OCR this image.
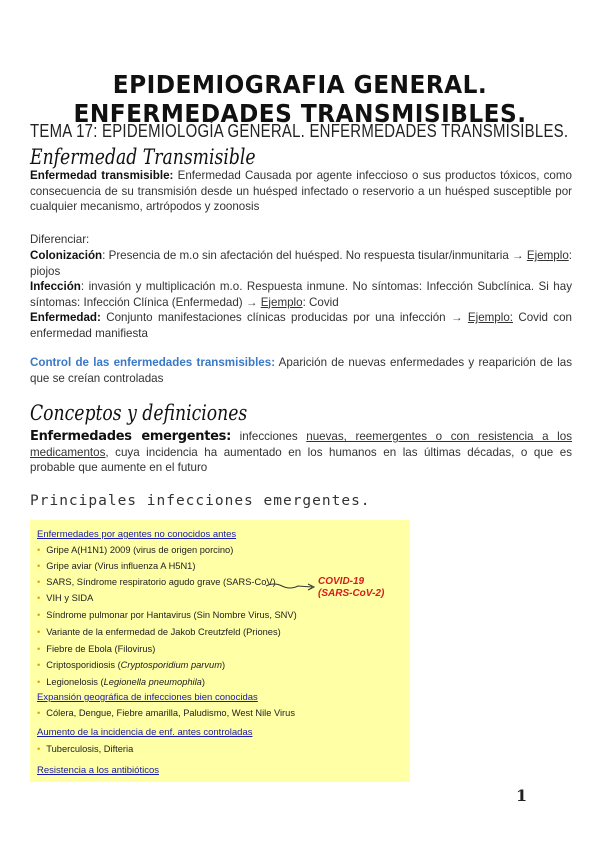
EPIDEMIOGRAFIA GENERAL. ENFERMEDADES TRANSMISIBLES.
TEMA 17: EPIDEMIOLOGÍA GENERAL. ENFERMEDADES TRANSMISIBLES.
Enfermedad Transmisible
Enfermedad transmisible: Enfermedad Causada por agente infeccioso o sus productos tóxicos, como consecuencia de su transmisión desde un huésped infectado o reservorio a un huésped susceptible por cualquier mecanismo, artrópodos y zoonosis
Diferenciar:
Colonización: Presencia de m.o sin afectación del huésped. No respuesta tisular/inmunitaria → Ejemplo: piojos
Infección: invasión y multiplicación m.o. Respuesta inmune. No síntomas: Infección Subclínica. Si hay síntomas: Infección Clínica (Enfermedad) → Ejemplo: Covid
Enfermedad: Conjunto manifestaciones clínicas producidas por una infección → Ejemplo: Covid con enfermedad manifiesta
Control de las enfermedades transmisibles: Aparición de nuevas enfermedades y reaparición de las que se creían controladas
Conceptos y definiciones
Enfermedades emergentes: infecciones nuevas, reemergentes o con resistencia a los medicamentos, cuya incidencia ha aumentado en los humanos en las últimas décadas, o que es probable que aumente en el futuro
Principales infecciones emergentes.
Enfermedades por agentes no conocidos antes
• Gripe A(H1N1) 2009 (virus de origen porcino)
• Gripe aviar (Virus influenza A H5N1)
• SARS, Síndrome respiratorio agudo grave (SARS-CoV)
• VIH y SIDA
• Síndrome pulmonar por Hantavirus (Sin Nombre Virus, SNV)
• Variante de la enfermedad de Jakob Creutzfeld (Priones)
• Fiebre de Ebola (Filovirus)
• Criptosporidiosis (Cryptosporidium parvum)
• Legionelosis (Legionella pneumophila)
Expansión geográfica de infecciones bien conocidas
• Cólera, Dengue, Fiebre amarilla, Paludismo, West Nile Virus
Aumento de la incidencia de enf. antes controladas
• Tuberculosis, Difteria
Resistencia a los antibióticos
COVID-19
(SARS-CoV-2)
1
